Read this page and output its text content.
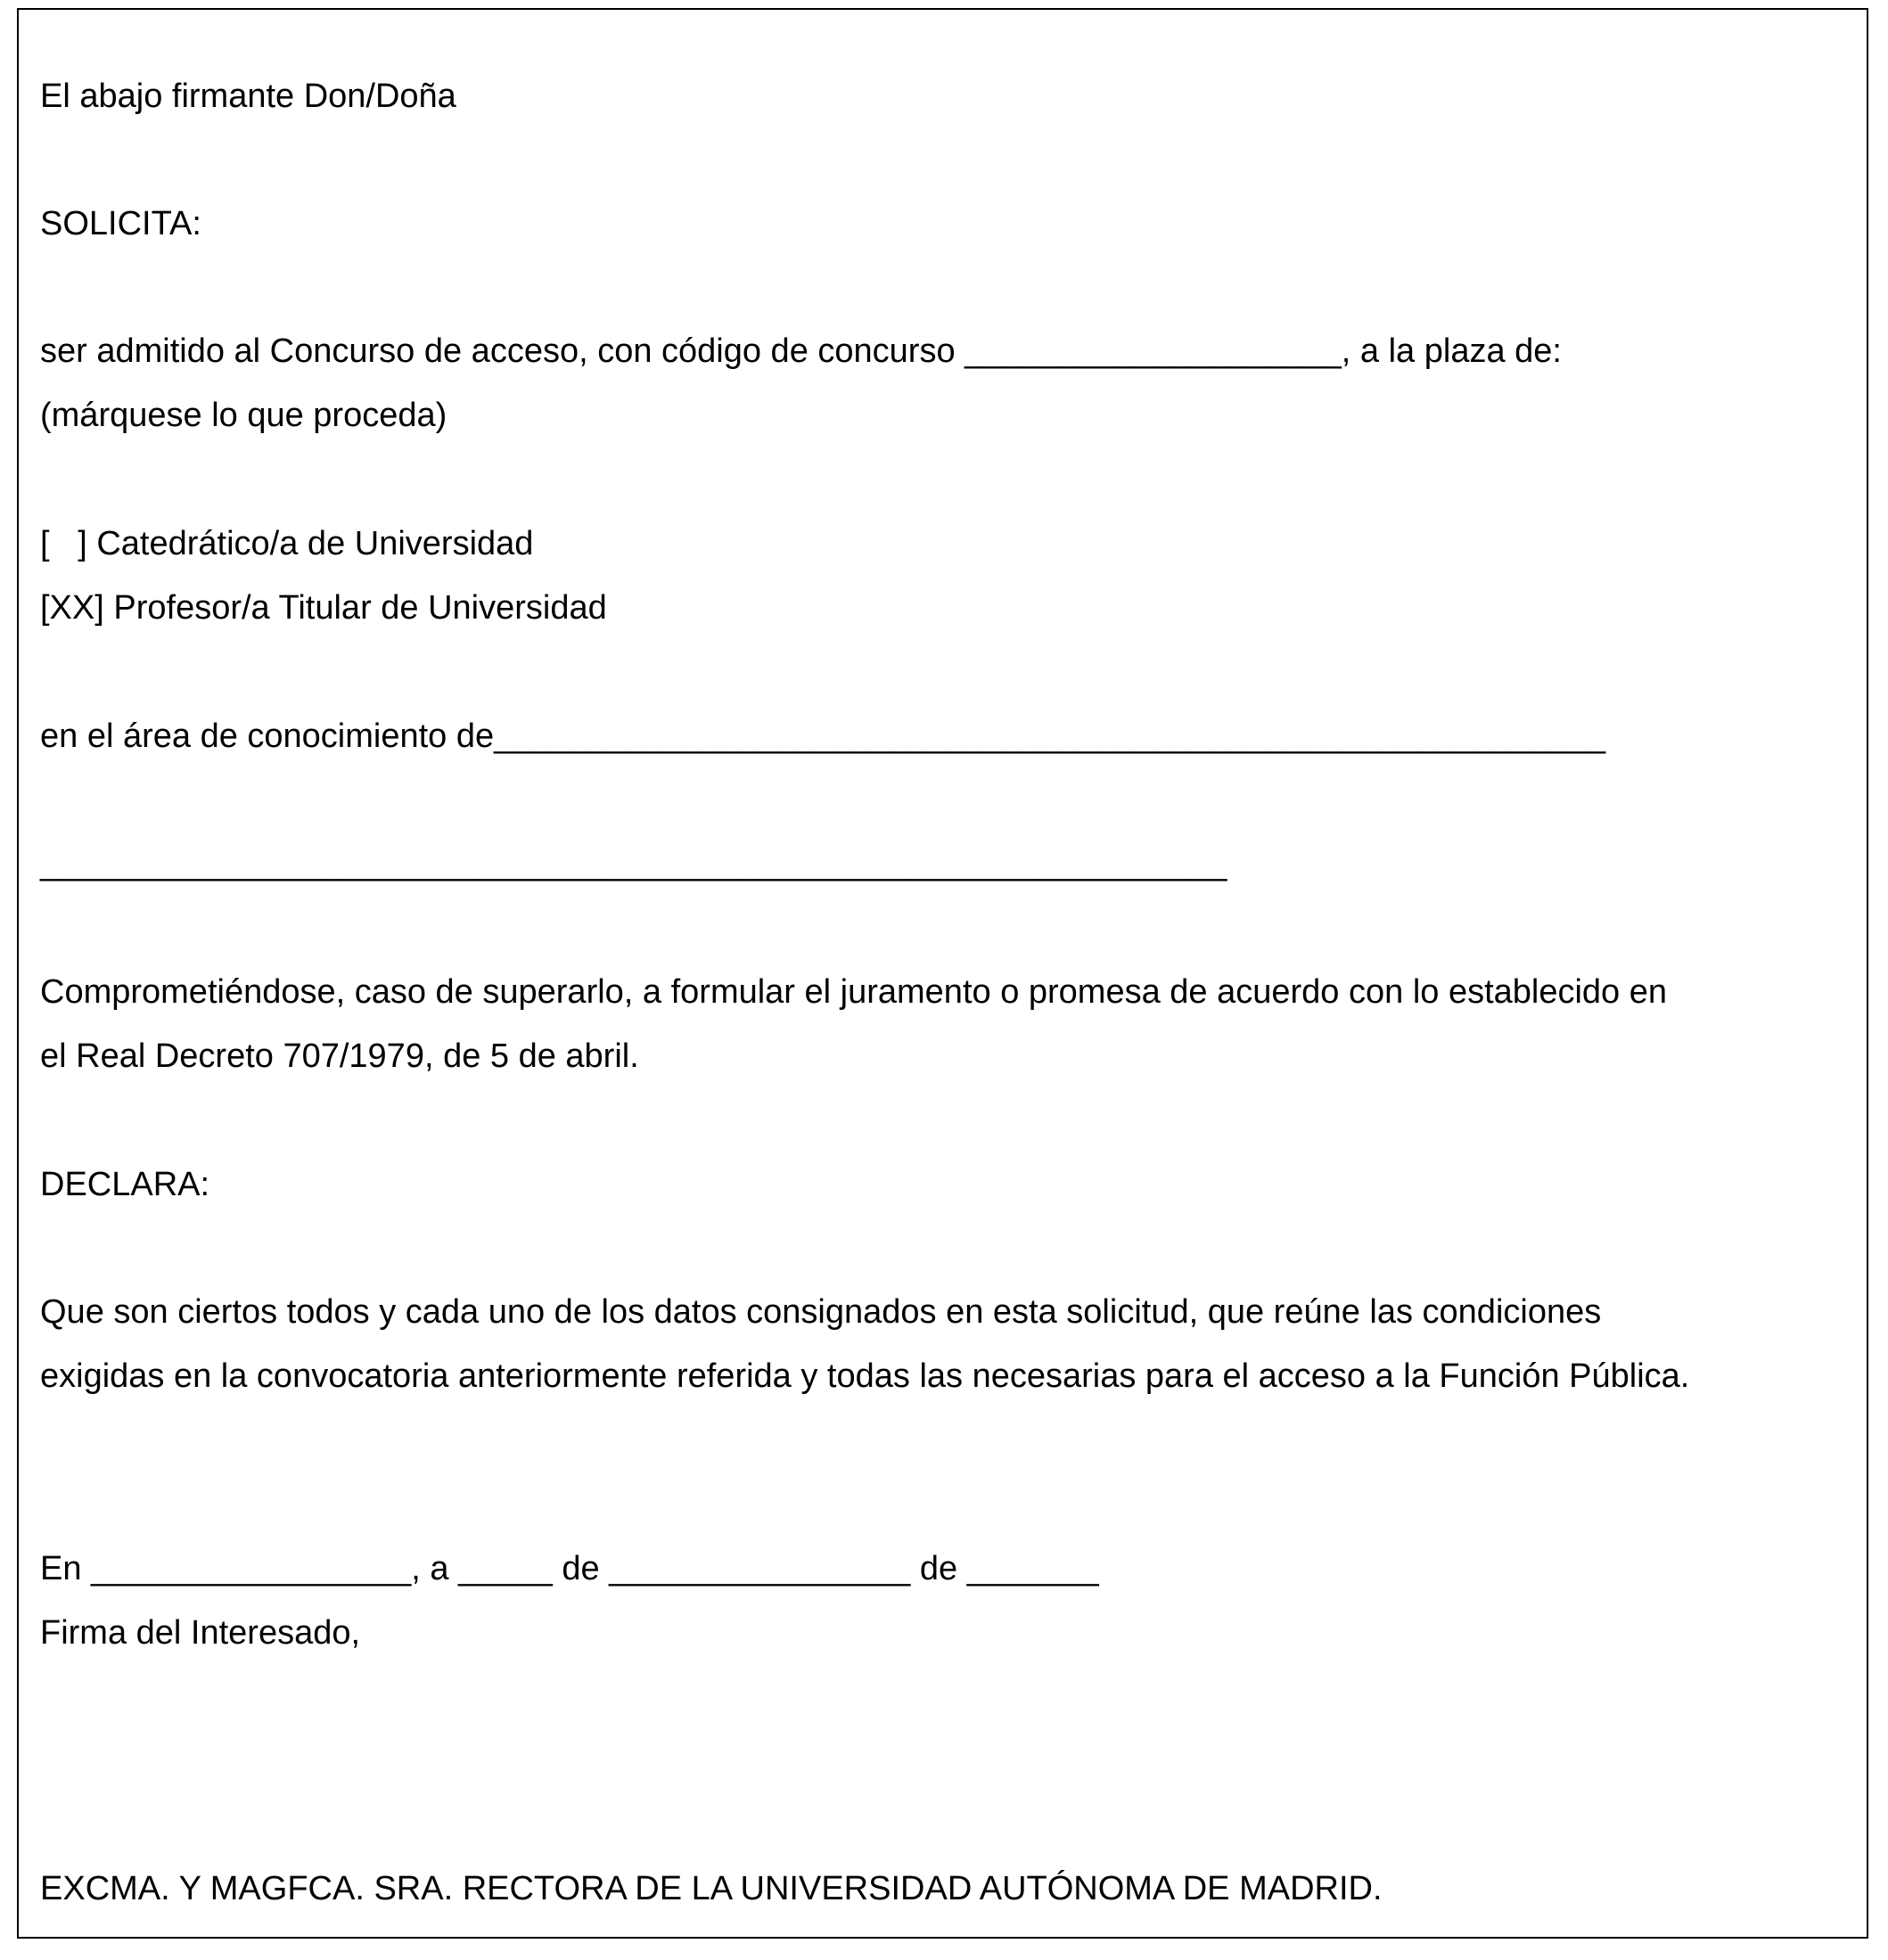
El abajo firmante Don/Doña
SOLICITA:
ser admitido al Concurso de acceso, con código de concurso ____________________, a la plaza de:
(márquese lo que proceda)
[   ] Catedrático/a de Universidad
[XX] Profesor/a Titular de Universidad
en el área de conocimiento de___________________________________________________________
_______________________________________________________________
Comprometiéndose, caso de superarlo, a formular el juramento o promesa de acuerdo con lo establecido en
el Real Decreto 707/1979, de 5 de abril.
DECLARA:
Que son ciertos todos y cada uno de los datos consignados en esta solicitud, que reúne las condiciones
exigidas en la convocatoria anteriormente referida y todas las necesarias para el acceso a la Función Pública.
En _________________, a _____ de ________________ de _______
Firma del Interesado,
EXCMA. Y MAGFCA. SRA. RECTORA DE LA UNIVERSIDAD AUTÓNOMA DE MADRID.
